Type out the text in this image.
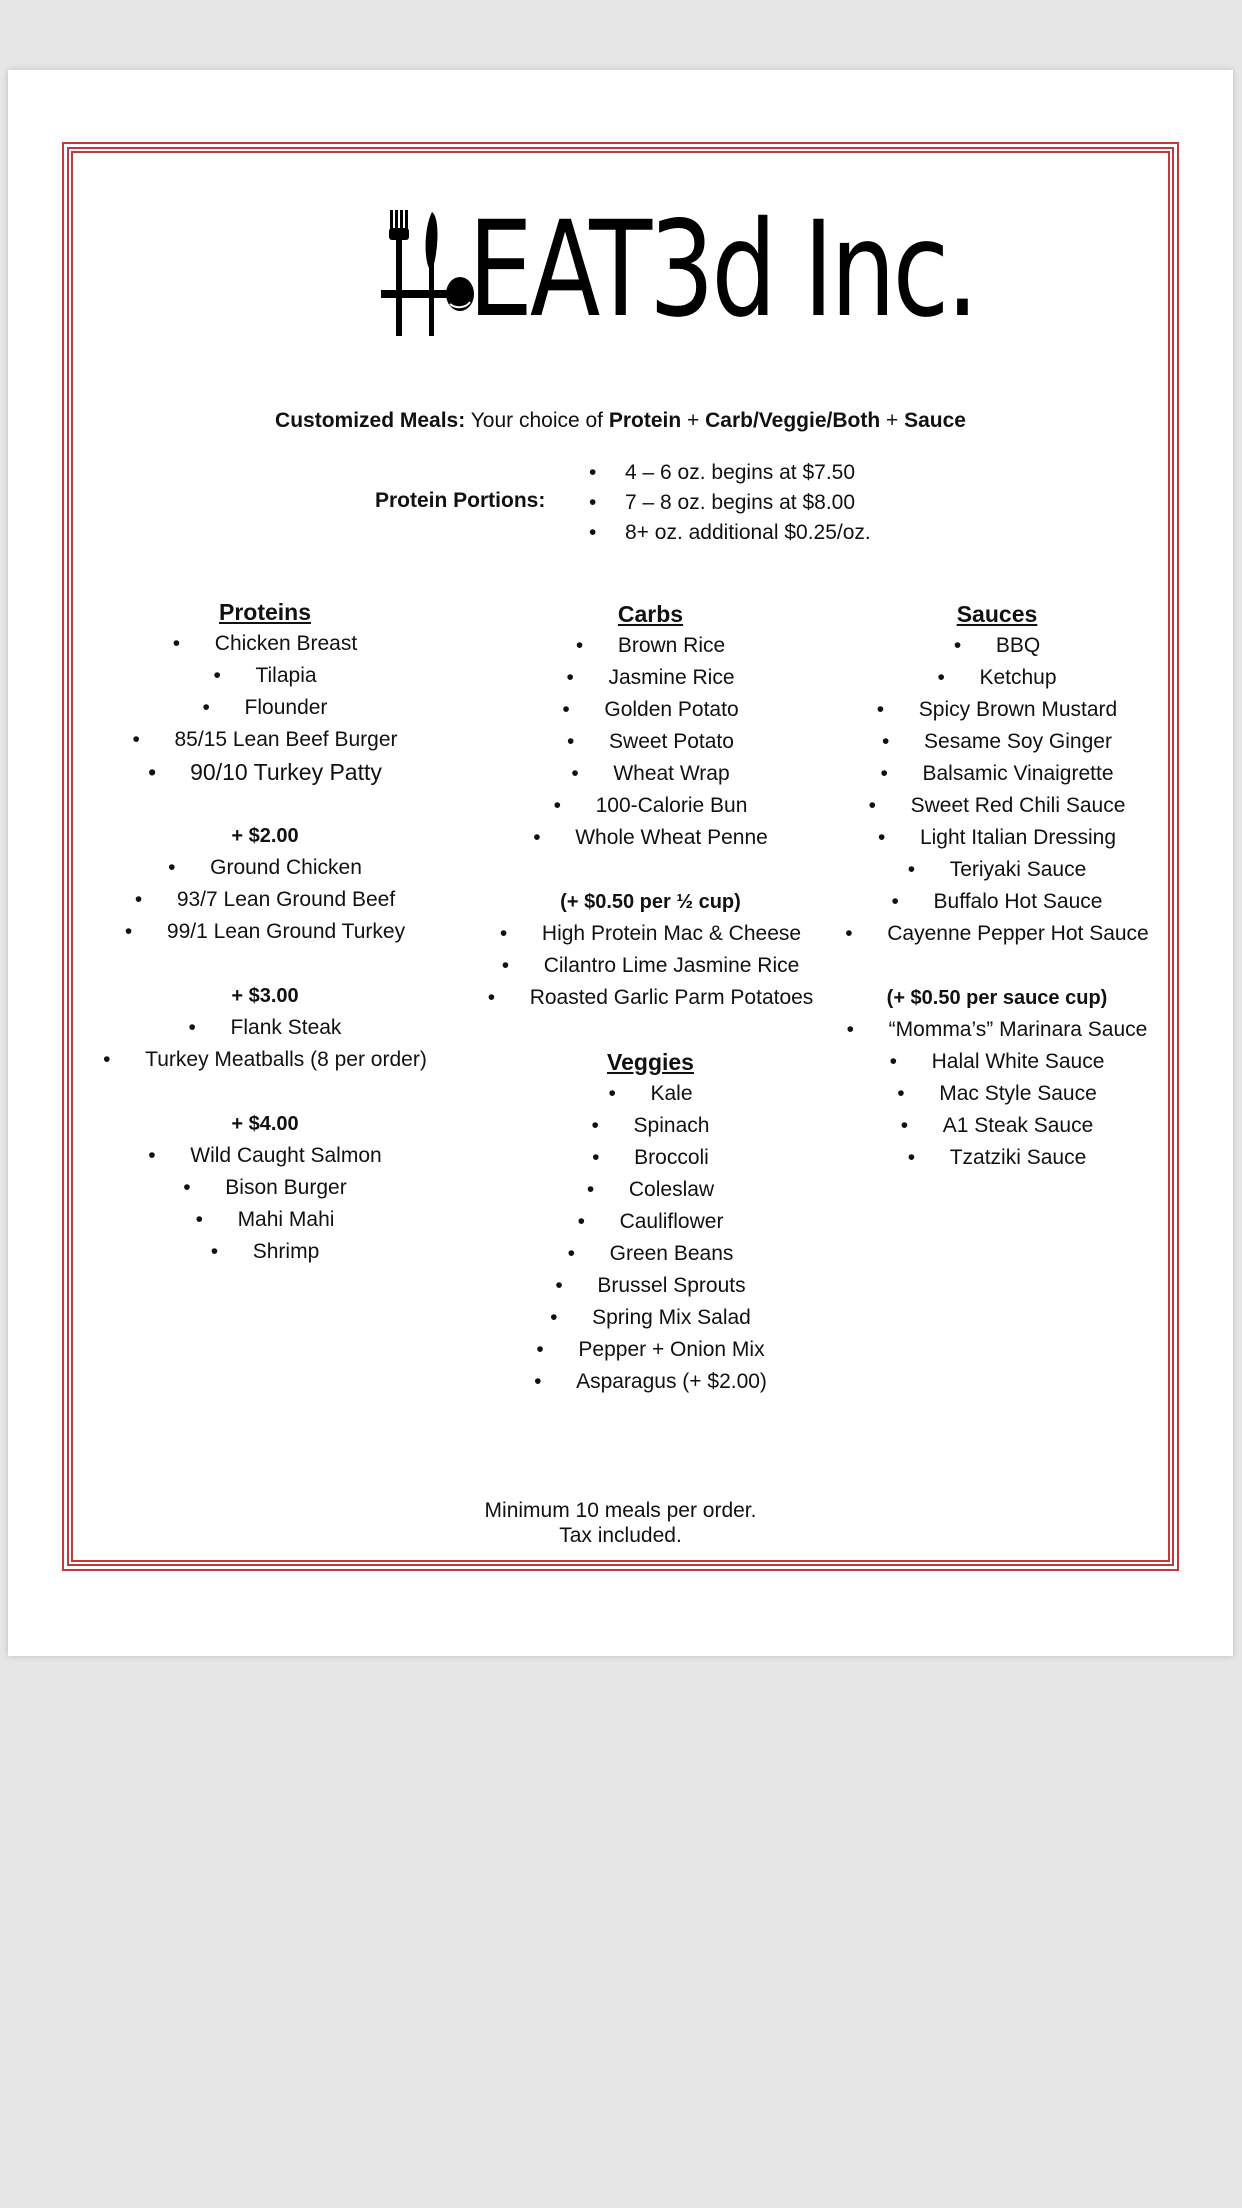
EAT3d Inc.
Customized Meals: Your choice of Protein + Carb/Veggie/Both + Sauce
Protein Portions:
• 4 – 6 oz. begins at $7.50
• 7 – 8 oz. begins at $8.00
• 8+ oz. additional $0.25/oz.
Proteins
• Chicken Breast
• Tilapia
• Flounder
• 85/15 Lean Beef Burger
• 90/10 Turkey Patty
+ $2.00
• Ground Chicken
• 93/7 Lean Ground Beef
• 99/1 Lean Ground Turkey
+ $3.00
• Flank Steak
• Turkey Meatballs (8 per order)
+ $4.00
• Wild Caught Salmon
• Bison Burger
• Mahi Mahi
• Shrimp
Carbs
• Brown Rice
• Jasmine Rice
• Golden Potato
• Sweet Potato
• Wheat Wrap
• 100-Calorie Bun
• Whole Wheat Penne
(+ $0.50 per ½ cup)
• High Protein Mac & Cheese
• Cilantro Lime Jasmine Rice
• Roasted Garlic Parm Potatoes
Veggies
• Kale
• Spinach
• Broccoli
• Coleslaw
• Cauliflower
• Green Beans
• Brussel Sprouts
• Spring Mix Salad
• Pepper + Onion Mix
• Asparagus (+ $2.00)
Sauces
• BBQ
• Ketchup
• Spicy Brown Mustard
• Sesame Soy Ginger
• Balsamic Vinaigrette
• Sweet Red Chili Sauce
• Light Italian Dressing
• Teriyaki Sauce
• Buffalo Hot Sauce
• Cayenne Pepper Hot Sauce
(+ $0.50 per sauce cup)
• “Momma’s” Marinara Sauce
• Halal White Sauce
• Mac Style Sauce
• A1 Steak Sauce
• Tzatziki Sauce
Minimum 10 meals per order.
Tax included.
